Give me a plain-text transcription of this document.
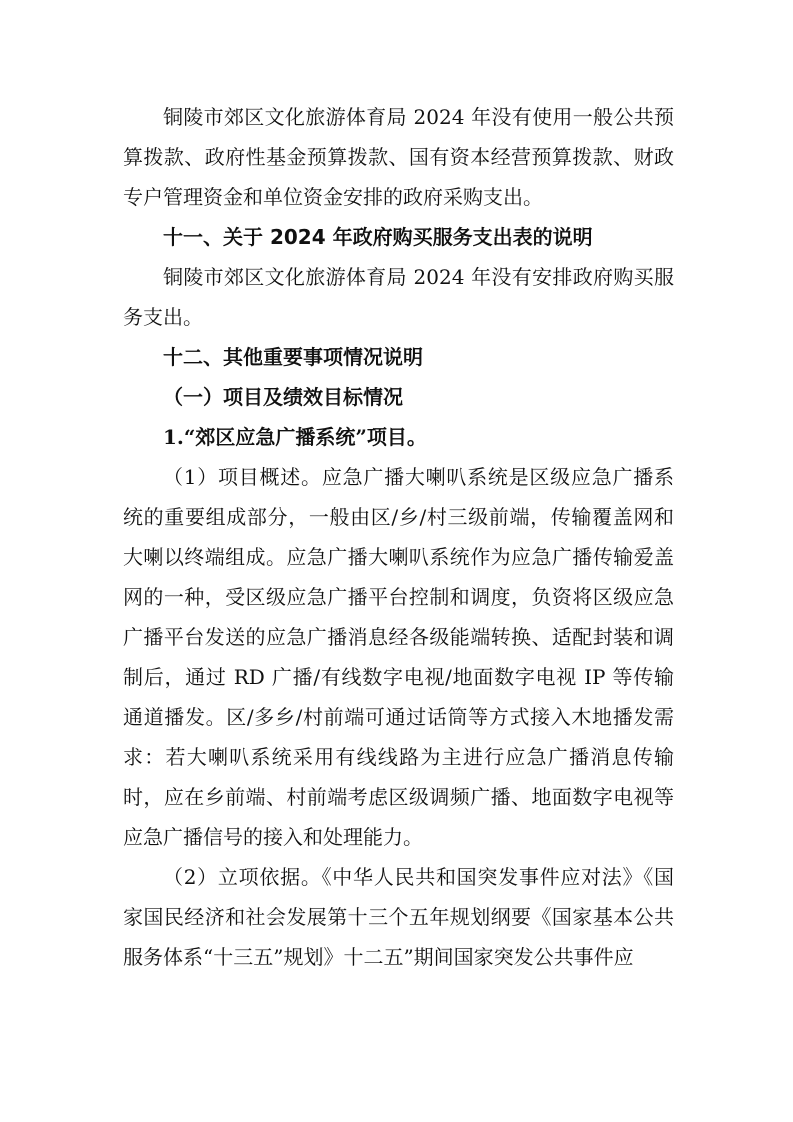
铜陵市郊区文化旅游体育局 2024 年没有使用一般公共预算拨款、政府性基金预算拨款、国有资本经营预算拨款、财政专户管理资金和单位资金安排的政府采购支出。

十一、关于 2024 年政府购买服务支出表的说明

铜陵市郊区文化旅游体育局 2024 年没有安排政府购买服务支出。

十二、其他重要事项情况说明

（一）项目及绩效目标情况

1.“郊区应急广播系统”项目。

（1）项目概述。应急广播大喇叭系统是区级应急广播系统的重要组成部分，一般由区/乡/村三级前端，传输覆盖网和大喇以终端组成。应急广播大喇叭系统作为应急广播传输爱盖网的一种，受区级应急广播平台控制和调度，负资将区级应急广播平台发送的应急广播消息经各级能端转换、适配封装和调制后，通过 RD 广播/有线数字电视/地面数字电视 IP 等传输通道播发。区/多乡/村前端可通过话筒等方式接入木地播发需求：若大喇叭系统采用有线线路为主进行应急广播消息传输时，应在乡前端、村前端考虑区级调频广播、地面数字电视等应急广播信号的接入和处理能力。

（2）立项依据。《中华人民共和国突发事件应对法》《国家国民经济和社会发展第十三个五年规划纲要《国家基本公共服务体系“十三五”规划》十二五”期间国家突发公共事件应
